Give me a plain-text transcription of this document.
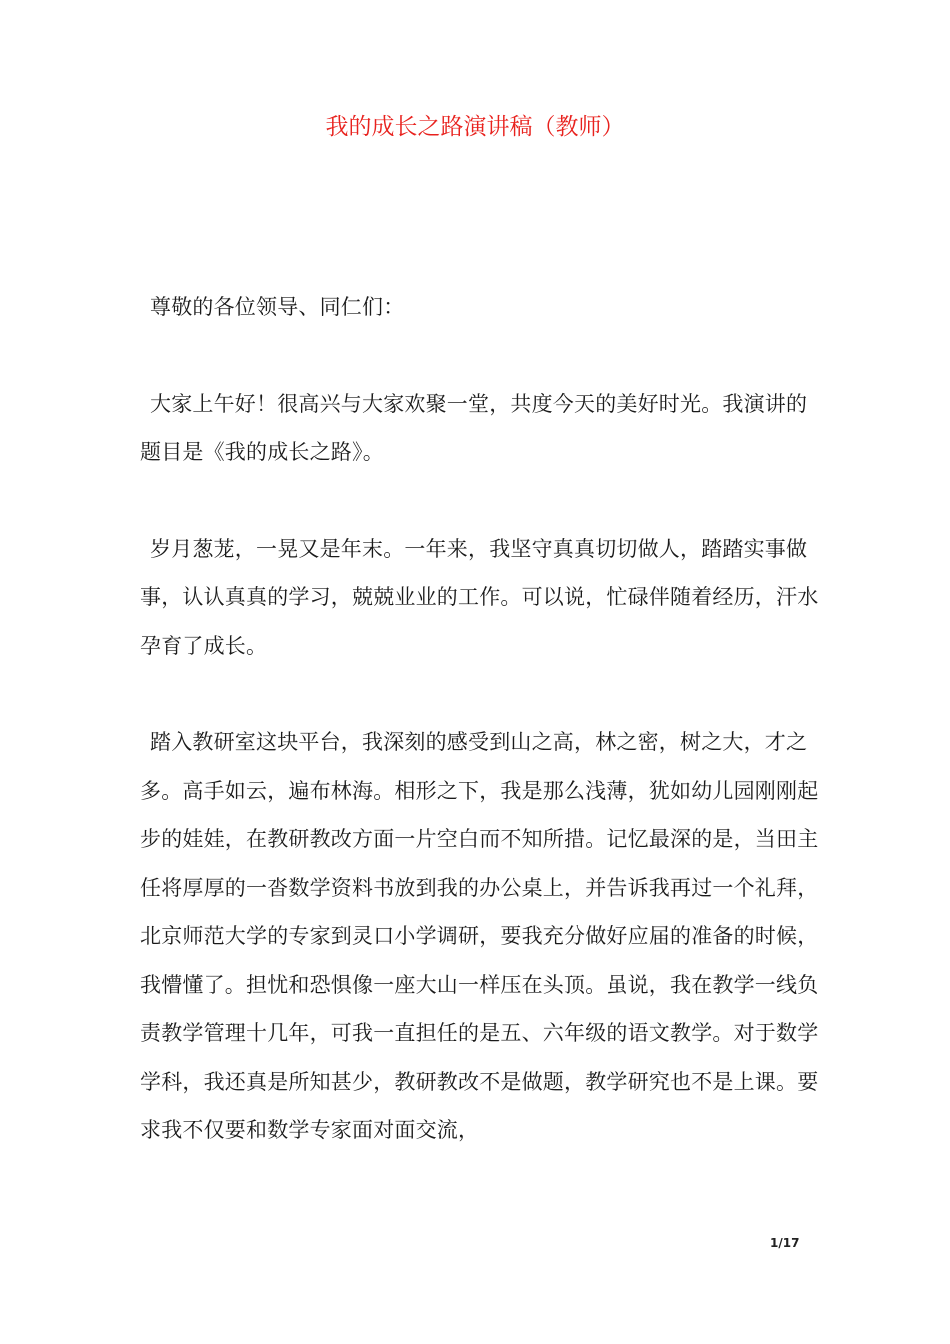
我的成长之路演讲稿（教师）

尊敬的各位领导、同仁们：

大家上午好！很高兴与大家欢聚一堂，共度今天的美好时光。我演讲的题目是《我的成长之路》。

岁月葱茏，一晃又是年末。一年来，我坚守真真切切做人，踏踏实事做事，认认真真的学习，兢兢业业的工作。可以说，忙碌伴随着经历，汗水孕育了成长。

踏入教研室这块平台，我深刻的感受到山之高，林之密，树之大，才之多。高手如云，遍布林海。相形之下，我是那么浅薄，犹如幼儿园刚刚起步的娃娃，在教研教改方面一片空白而不知所措。记忆最深的是，当田主任将厚厚的一沓数学资料书放到我的办公桌上，并告诉我再过一个礼拜，北京师范大学的专家到灵口小学调研，要我充分做好应届的准备的时候，我懵懂了。担忧和恐惧像一座大山一样压在头顶。虽说，我在教学一线负责教学管理十几年，可我一直担任的是五、六年级的语文教学。对于数学学科，我还真是所知甚少，教研教改不是做题，教学研究也不是上课。要求我不仅要和数学专家面对面交流，

1/17
